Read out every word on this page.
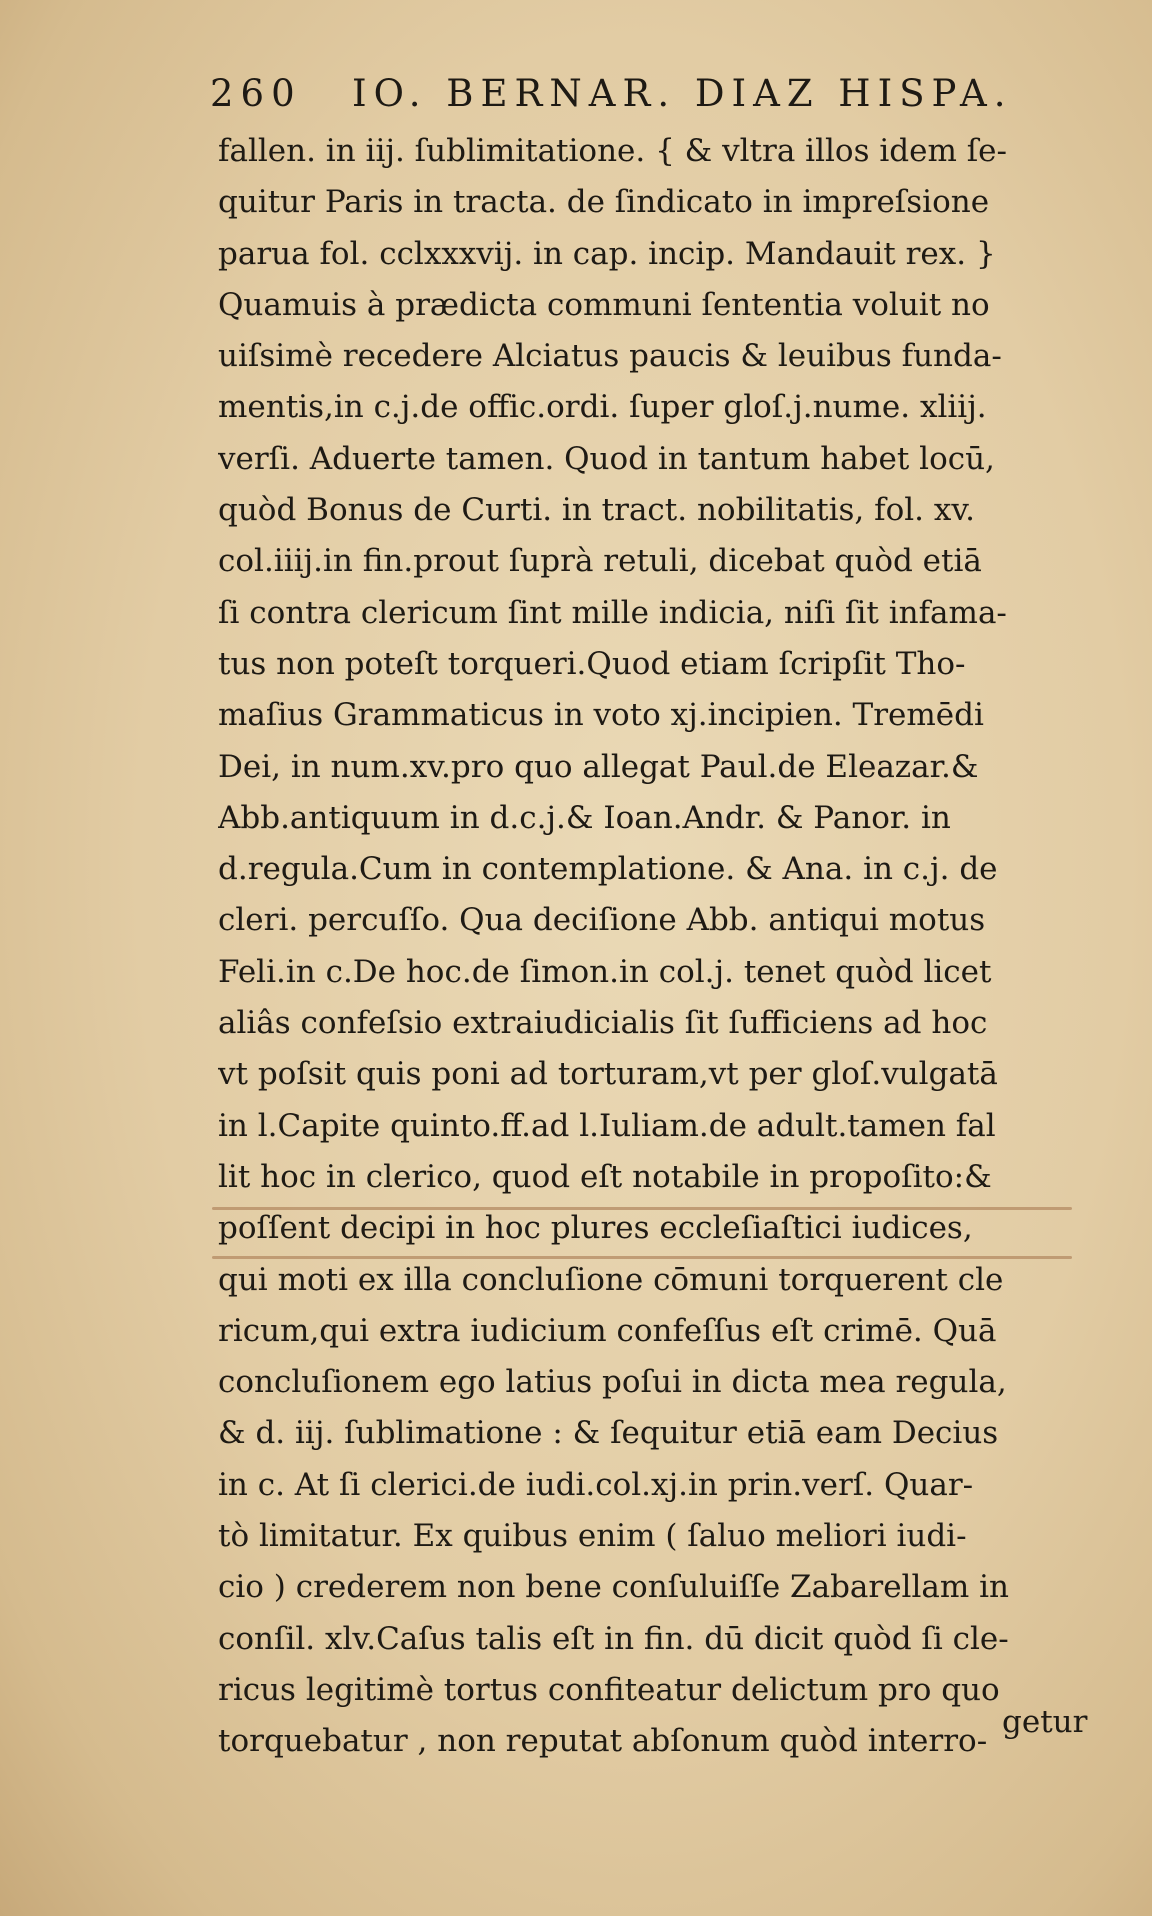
260 IO. BERNAR. DIAZ HISPA.
fallen. in iij. ſublimitatione. { & vltra illos idem ſe-
quitur Paris in tracta. de ſindicato in impreſsione
parua fol. cclxxxvij. in cap. incip. Mandauit rex. }
Quamuis à prædicta communi ſententia voluit no
uiſsimè recedere Alciatus paucis & leuibus funda-
mentis,in c.j.de offic.ordi. ſuper gloſ.j.nume. xliij.
verſi. Aduerte tamen. Quod in tantum habet locū,
quòd Bonus de Curti. in tract. nobilitatis, fol. xv.
col.iiij.in fin.prout ſuprà retuli, dicebat quòd etiā
ſi contra clericum ſint mille indicia, niſi ſit infama-
tus non poteſt torqueri.Quod etiam ſcripſit Tho-
maſius Grammaticus in voto xj.incipien. Tremēdi
Dei, in num.xv.pro quo allegat Paul.de Eleazar.&
Abb.antiquum in d.c.j.& Ioan.Andr. & Panor. in
d.regula.Cum in contemplatione. & Ana. in c.j. de
cleri. percuſſo. Qua deciſione Abb. antiqui motus
Feli.in c.De hoc.de ſimon.in col.j. tenet quòd licet
aliâs confeſsio extraiudicialis ſit ſufficiens ad hoc
vt poſsit quis poni ad torturam,vt per gloſ.vulgatā
in l.Capite quinto.ff.ad l.Iuliam.de adult.tamen fal
lit hoc in clerico, quod eſt notabile in propoſito:&
poſſent decipi in hoc plures eccleſiaſtici iudices,
qui moti ex illa concluſione cōmuni torquerent cle
ricum,qui extra iudicium confeſſus eſt crimē. Quā
concluſionem ego latius poſui in dicta mea regula,
& d. iij. ſublimatione : & ſequitur etiā eam Decius
in c. At ſi clerici.de iudi.col.xj.in prin.verſ. Quar-
tò limitatur. Ex quibus enim ( ſaluo meliori iudi-
cio ) crederem non bene conſuluiſſe Zabarellam in
conſil. xlv.Caſus talis eſt in fin. dū dicit quòd ſi cle-
ricus legitimè tortus confiteatur delictum pro quo
torquebatur , non reputat abſonum quòd interro-
getur
